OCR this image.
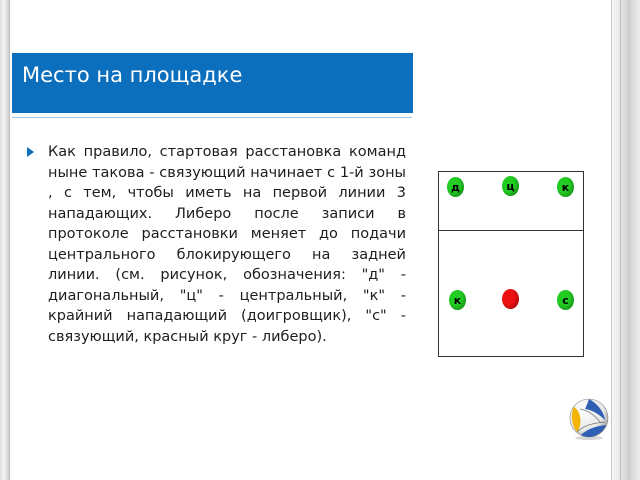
Место на площадке

Как правило, стартовая расстановка команд ныне такова - связующий начинает с 1-й зоны , с тем, чтобы иметь на первой линии 3 нападающих. Либеро после записи в протоколе расстановки меняет до подачи центрального блокирующего на задней линии. (см. рисунок, обозначения: "д" - диагональный, "ц" - центральный, "к" - крайний нападающий (доигровщик), "с" - связующий, красный круг - либеро).

д	ц	к
к	с
